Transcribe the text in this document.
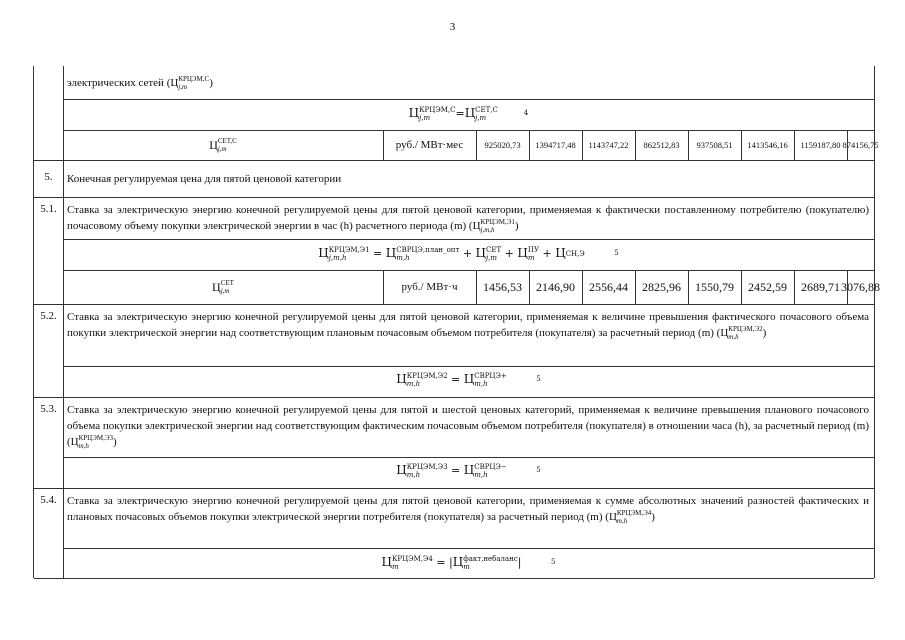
3
электрических сетей (Ц КРЦЭМ,С
j,m	)
Ц КРЦЭМ,С
j,m	=Ц СЕТ,С
j,m
4
Ц СЕТ,С
j,m	руб./ МВт·мес	925020,73	1394717,48	1143747,22	862512,83	937508,51	1413546,16	1159187,80 874156,75
5.	Конечная регулируемая цена для пятой ценовой категории
5.1. Ставка за электрическую энергию конечной регулируемой цены для пятой ценовой категории, применяемая к фактически поставленному потребителю (покупателю) почасовому объему покупки электрической энергии в час (h) расчетного периода (m) (Ц КРЦЭМ,Э1
j,m,h	)
Ц КРЦЭМ,Э1
j,m,h	= Ц СВРЦЭ,план_опт
m,h	+ Ц СЕТ
j,m + Ц ПУ
m + Ц СН,Э	5
Ц СЕТ
j,m	руб./ МВт·ч	1456,53	2146,90	2556,44	2825,96	1550,79	2452,59	2689,71 3076,88
5.2. Ставка за электрическую энергию конечной регулируемой цены для пятой ценовой категории, применяемая к величине превышения фактического почасового объема покупки электрической энергии над соответствующим плановым почасовым объемом потребителя (покупателя) за расчетный период (m) (Ц КРЦЭМ,Э2
m,h	)
Ц КРЦЭМ,Э2
m,h	= Ц СВРЦЭ+
m,h
5
5.3. Ставка за электрическую энергию конечной регулируемой цены для пятой и шестой ценовых категорий, применяемая к величине превышения планового почасового объема покупки электрической энергии над соответствующим фактическим почасовым объемом потребителя (покупателя) в отношении часа (h), за расчетный период (m) (Ц КРЦЭМ,Э3
m,h	)
Ц КРЦЭМ,Э3
m,h	= Ц СВРЦЭ−
m,h
5
5.4. Ставка за электрическую энергию конечной регулируемой цены для пятой ценовой категории, применяемая к сумме абсолютных значений разностей фактических и плановых почасовых объемов покупки электрической энергии потребителя (покупателя) за расчетный период (m) (Ц КРЦЭМ,Э4
m,h	)
Ц КРЦЭМ,Э4
m	= |Ц факт,небаланс
m	|	5
